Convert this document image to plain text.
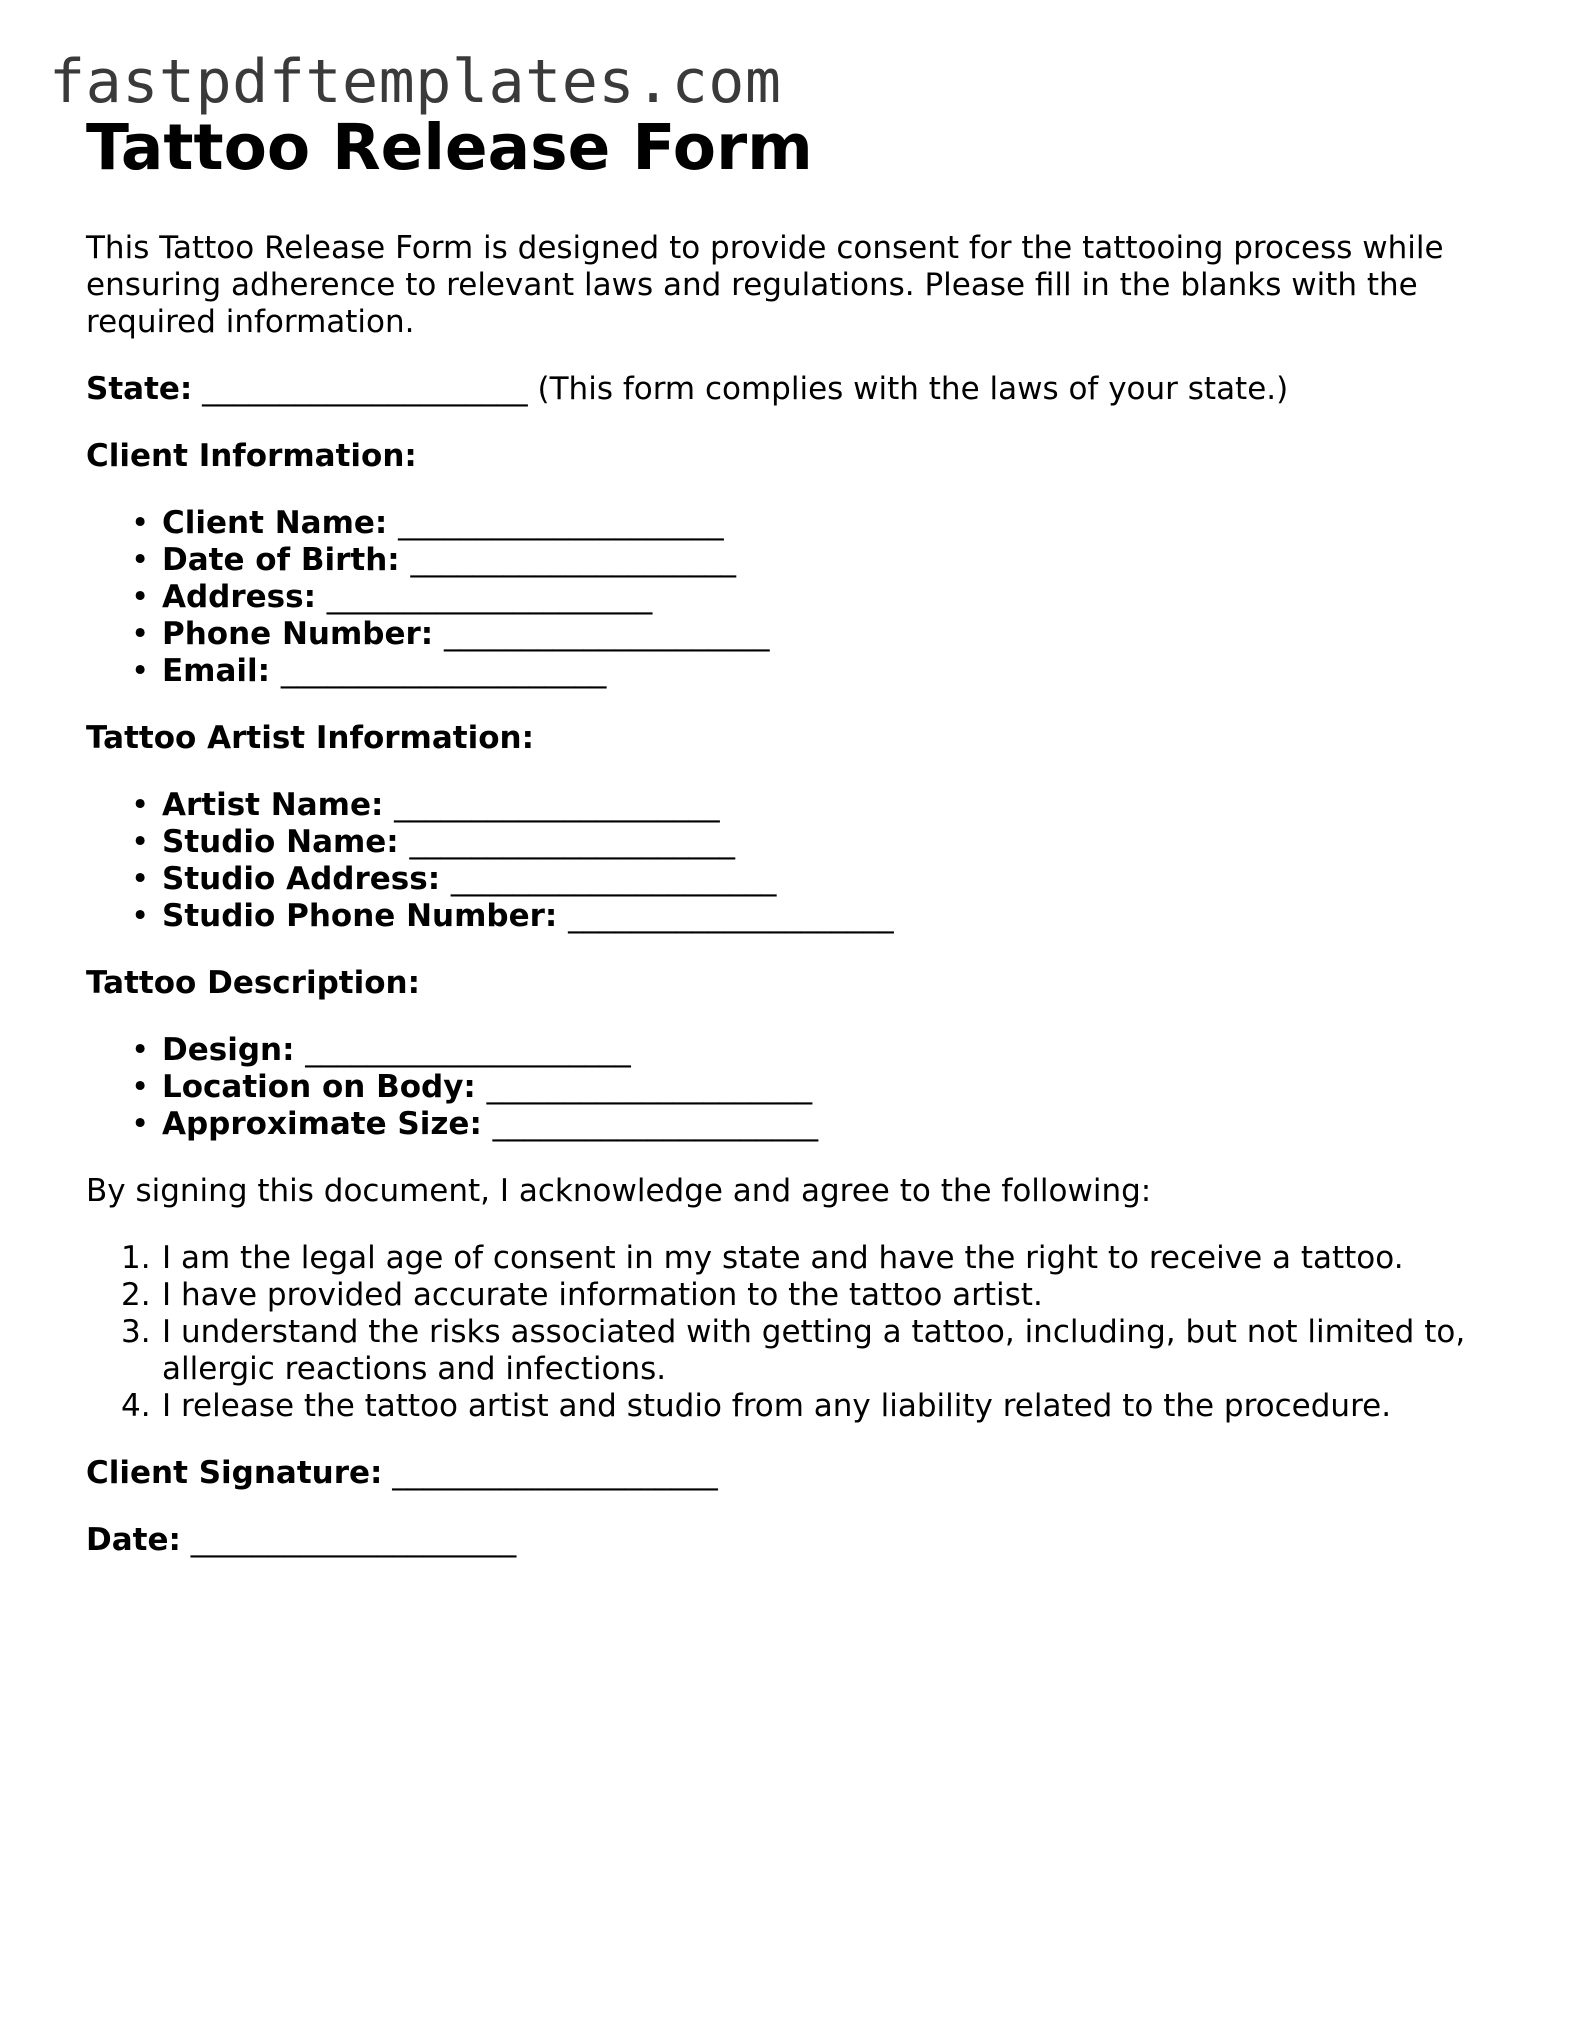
fastpdftemplates.com
Tattoo Release Form

This Tattoo Release Form is designed to provide consent for the tattooing process while ensuring adherence to relevant laws and regulations. Please fill in the blanks with the required information.

State: _____________________ (This form complies with the laws of your state.)

Client Information:
• Client Name: _____________________
• Date of Birth: _____________________
• Address: _____________________
• Phone Number: _____________________
• Email: _____________________
Tattoo Artist Information:
• Artist Name: _____________________
• Studio Name: _____________________
• Studio Address: _____________________
• Studio Phone Number: _____________________
Tattoo Description:
• Design: _____________________
• Location on Body: _____________________
• Approximate Size: _____________________

By signing this document, I acknowledge and agree to the following:

1. I am the legal age of consent in my state and have the right to receive a tattoo.
2. I have provided accurate information to the tattoo artist.
3. I understand the risks associated with getting a tattoo, including, but not limited to, allergic reactions and infections.
4. I release the tattoo artist and studio from any liability related to the procedure.

Client Signature: _____________________

Date: _____________________
